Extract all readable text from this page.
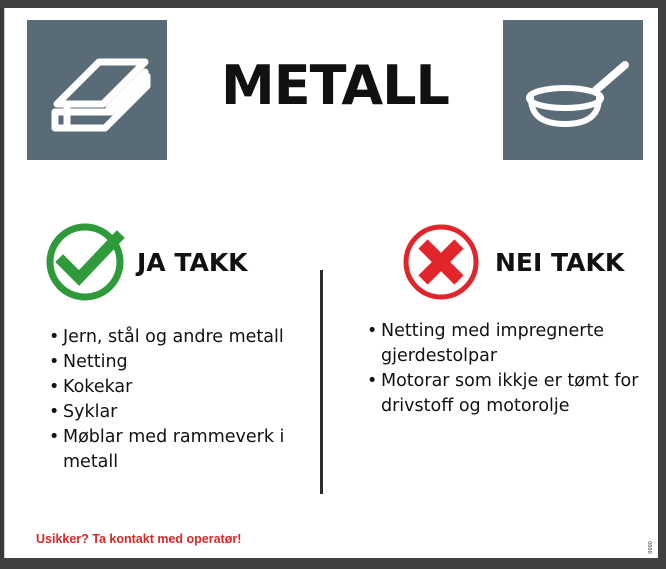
METALL
JA TAKK	NEI TAKK
• Jern, stål og andre metall
• Netting
• Kokekar
• Syklar
• Møblar med rammeverk i metall
• Netting med impregnerte gjerdestolpar
• Motorar som ikkje er tømt for drivstoff og motorolje
Usikker? Ta kontakt med operatør!
0000
